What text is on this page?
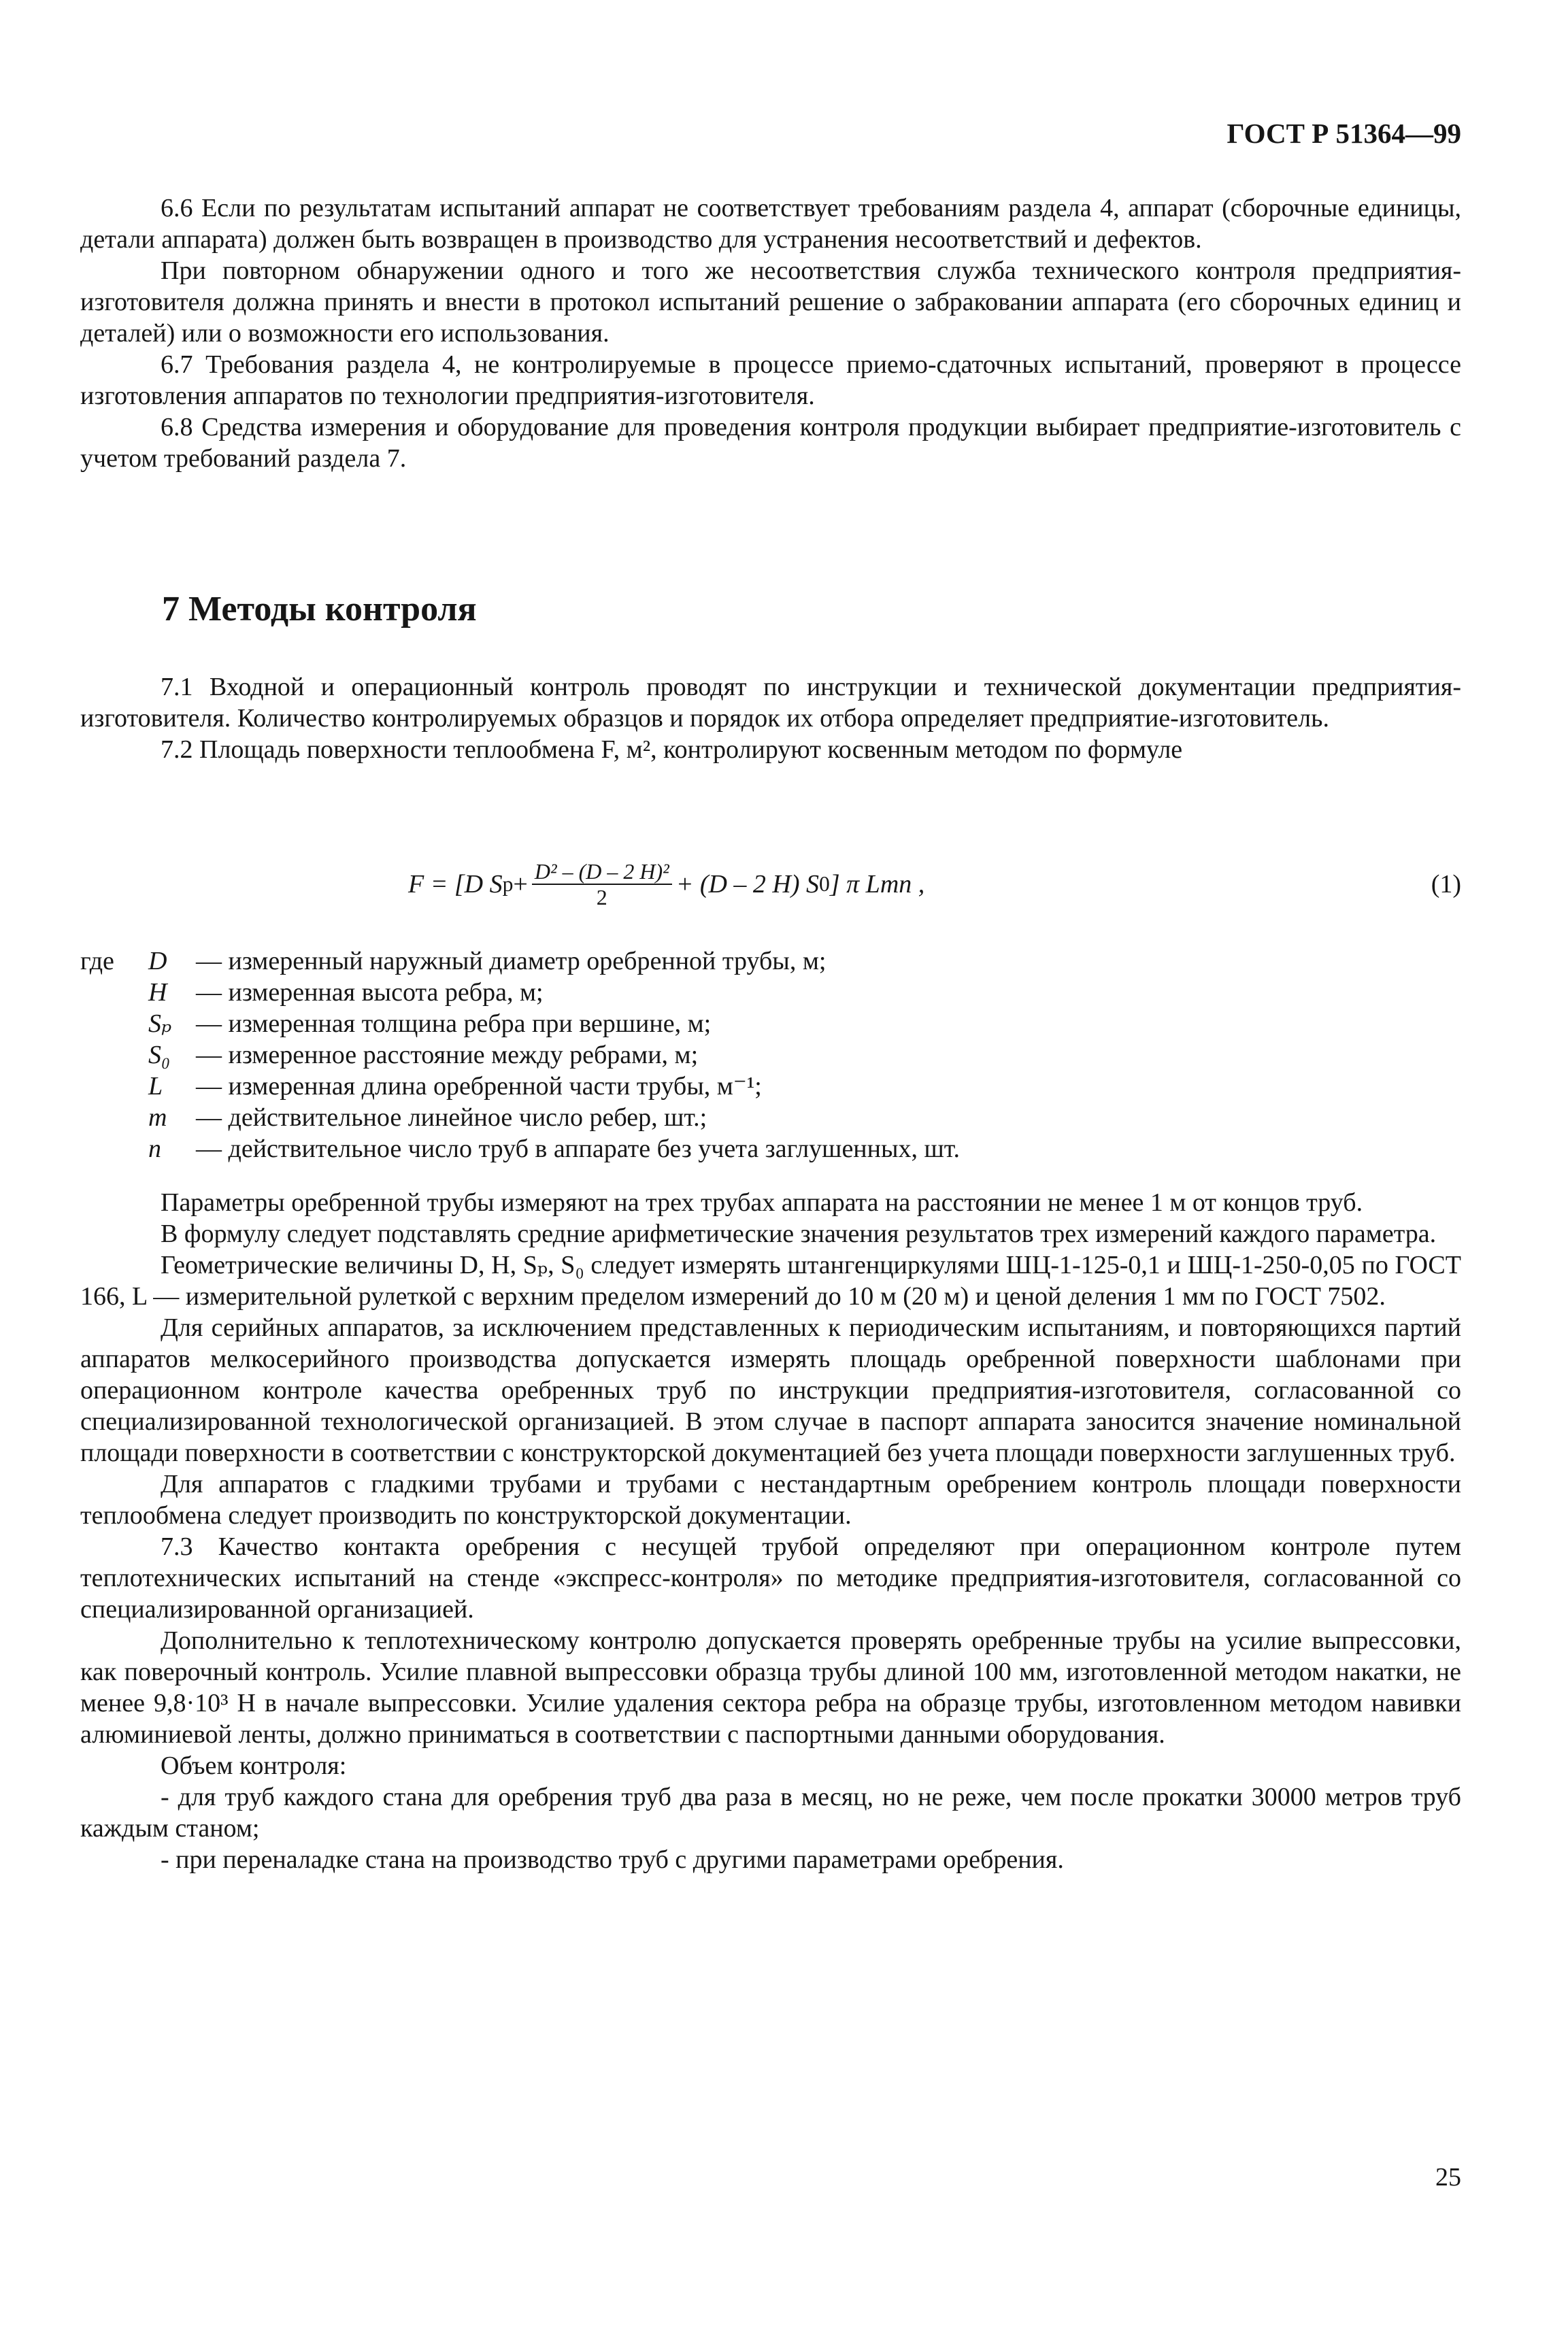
ГОСТ Р 51364—99

6.6 Если по результатам испытаний аппарат не соответствует требованиям раздела 4, аппарат (сборочные единицы, детали аппарата) должен быть возвращен в производство для устранения несоответствий и дефектов.

При повторном обнаружении одного и того же несоответствия служба технического контроля предприятия-изготовителя должна принять и внести в протокол испытаний решение о забраковании аппарата (его сборочных единиц и деталей) или о возможности его использования.

6.7 Требования раздела 4, не контролируемые в процессе приемо-сдаточных испытаний, проверяют в процессе изготовления аппаратов по технологии предприятия-изготовителя.

6.8 Средства измерения и оборудование для проведения контроля продукции выбирает предприятие-изготовитель с учетом требований раздела 7.

7 Методы контроля

7.1 Входной и операционный контроль проводят по инструкции и технической документации предприятия-изготовителя. Количество контролируемых образцов и порядок их отбора определяет предприятие-изготовитель.

7.2 Площадь поверхности теплообмена F, м², контролируют косвенным методом по формуле

F = [D S $p + \frac{\text{D² – (D – 2 H)²}}{2} + (D - 2$ H) S 0 ] π Lmn ,	(1)
где	D	— измеренный наружный диаметр оребренной трубы, м;
H	— измеренная высота ребра, м;
Sₚ — измеренная толщина ребра при вершине, м;
S₀ — измеренное расстояние между ребрами, м;
L	— измеренная длина оребренной части трубы, м⁻¹;
m	— действительное линейное число ребер, шт.;
n	— действительное число труб в аппарате без учета заглушенных, шт.

Параметры оребренной трубы измеряют на трех трубах аппарата на расстоянии не менее 1 м от концов труб.

В формулу следует подставлять средние арифметические значения результатов трех измерений каждого параметра.

Геометрические величины D, H, Sₚ, S₀ следует измерять штангенциркулями ШЦ-1-125-0,1 и ШЦ-1-250-0,05 по ГОСТ 166, L — измерительной рулеткой с верхним пределом измерений до 10 м (20 м) и ценой деления 1 мм по ГОСТ 7502.

Для серийных аппаратов, за исключением представленных к периодическим испытаниям, и повторяющихся партий аппаратов мелкосерийного производства допускается измерять площадь оребренной поверхности шаблонами при операционном контроле качества оребренных труб по инструкции предприятия-изготовителя, согласованной со специализированной технологической организацией. В этом случае в паспорт аппарата заносится значение номинальной площади поверхности в соответствии с конструкторской документацией без учета площади поверхности заглушенных труб.

Для аппаратов с гладкими трубами и трубами с нестандартным оребрением контроль площади поверхности теплообмена следует производить по конструкторской документации.

7.3 Качество контакта оребрения с несущей трубой определяют при операционном контроле путем теплотехнических испытаний на стенде «экспресс-контроля» по методике предприятия-изготовителя, согласованной со специализированной организацией.

Дополнительно к теплотехническому контролю допускается проверять оребренные трубы на усилие выпрессовки, как поверочный контроль. Усилие плавной выпрессовки образца трубы длиной 100 мм, изготовленной методом накатки, не менее 9,8·10³ Н в начале выпрессовки. Усилие удаления сектора ребра на образце трубы, изготовленном методом навивки алюминиевой ленты, должно приниматься в соответствии с паспортными данными оборудования.

Объем контроля:

- для труб каждого стана для оребрения труб два раза в месяц, но не реже, чем после прокатки 30000 метров труб каждым станом;

- при переналадке стана на производство труб с другими параметрами оребрения.

25
